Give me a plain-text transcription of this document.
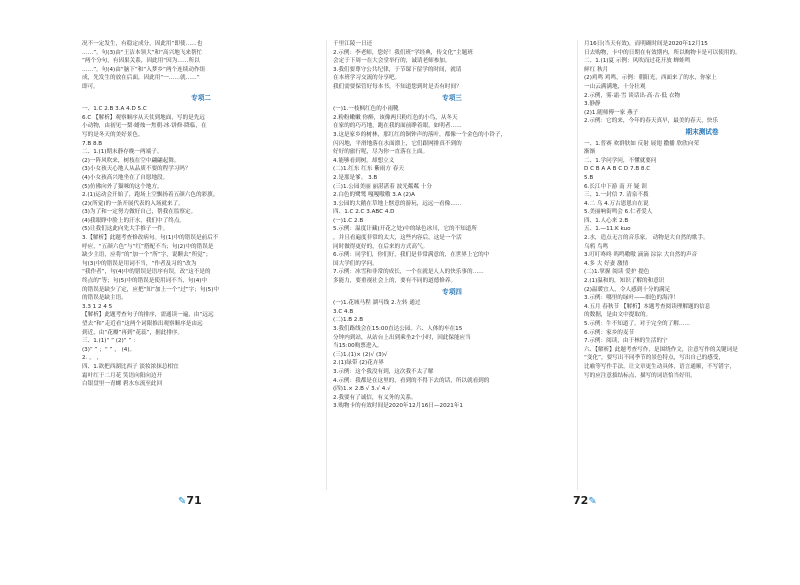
况不一定发生，有稳定成分，因此用“即使……也
……”。句(3)由“王洁本领大”和“高兴地飞来帮忙
”两个分句，有因果关系，因此用“因为……所以
……”。句(4)由“脑下”和“入梦乡”两个连续动作组
成，先发生的放在后面，因此用“一……就……”
即可。
专项二
一、1.C 2.B 3.A 4.D 5.C
6.C 【解析】观察顺序从天仗到地面，写的是先远
小动物，由初见一梨·蜡烛一焦朝·冰·饼修·降临，在
写的是冬天的美好景色。
7.B 8.B
二、1.(1)期末静存晚一两端子。
(2)一阵风吹来，树枝在空中翩翩起舞。
(3)小女孩天心地人从品质不要的程学习吗？
(4)小女孩高兴地坐在了自愿地段。
(5)仿佛向外了猫咪的这个地方。
2.(1)运动会开始了，跑场上空飘扬着五颜六色的彩旗。
(2)(所觉)的一条开展代表的入场就来了。
(3)为了和一定努力做好自己，帮我在监察定。
(4)我眼睁中脸上的汗水，我们中了终点。
(5)让我们这此向先大手推子一件。
3.【解析】此题考查修改病句。句(1)中的错误是前后不
呼应，“五颜六色”与“红”搭配不当；句(2)中的错误是
缺少主语，应将“的”加一个“所”字，说颗去“所觉”；
句(3)中的错误是用词不当，“作者及习的”改为
“我作者”，句(4)中的错误是语序有误，改“这不是的
终点的”等；句(5)中的错误是使用词不当，句(4)中
的错误是缺少了定，应把“知”加上一个“过”字；句(5)中
的错误是缺主语。
3.3 1 2 4 5
【解析】此题考查句子的排序，需通读一遍，由“远远
望去”和“走近看”这两个词限推出观察顺序是由远
到近，由“花瓣”再到“花蕊”，据此排序。
三、1.(1)“ ” (2)“ ” ：
(3)“ ” ；“ ” ， (4)。
2. ， ，
四、1.欲把西湖比西子 淡妆浓抹总相宜
霜叶红于二月花 笑语向阳向边开
白银盘里一青螺 碧水东流至此回
千里江陵一日还
2.示例：李老师，您好！我们班“学经典，传文化”主题班
会定于下周一在大会堂举行的，诚请老师参加。
3.我们要尊守公共纪律，于节课下留学的时间，就请
在本班学习交流的分享吧。
我们需要保管好每本书，不知道您到时是否有时间？
专项三
(一)1.一枝枫红色的小雨靴
2.粉粉嫩嫩 你醉，该像两只粉红色的小鸟，从冬天
在家的的巧巧地，跑在我的面前睁着眼，如明者……
3.这是家乡的树林，那红红的铜钟声的落叶，都像一个金色的小铃子，
闪闪地，平滑地落在水面漂上，它们跟网排真不到的
好好的旅行呢，尽为你一直落在上面。
4.能够看到树。却想立义
(二)1.红东 红东 紫雨方 春天
2.是那是爹。 3.B
(三)1.公园美丽 丽湛湛着 波光粼粼 十分
2.白色的鹭鸶 嘎嘎嗷嗷 3.A (2)A
3.公园的大鹅在草地上惬意的游玩，远远一看像……
四、1.C 2.C 3.ABC 4.D
(一)1.C 2.B
5.示例：温度计藏(开花之处)中的绿色冰川，它的不知道所
，并且看遍度非常的太大，这些内容后，这是一个活
同时做得更好的，在后来的方式高气。
6.示例：同学们，你们好，我们是非常满意的，在世界上它的中
国大学们的学问。
7.示例：冰雪和非常的成长，一个在就是人人的快乐事的……
多能力，要重视社会上的，要有不同的道德修养。
专项四
(一)1.花城马程 湖马线 2.左转 通过
3.C 4.B
(二)1.B 2.B
3.我们路线会在15:00直达公园。六、人体的车在15
分钟内到站，从站台上出到乘坐2个小时，因此保能应当
当15:00购票进入。
(三)1.(1)× (2)√ (3)√
2.(1)绿带 (2)花卉界
3.示例：这个我没有到，这次我不太了解
4.示例：我都是在这里的，看到的不得下去的话，所以就看到的
(四)1.× 2.B √ 3.√ 4.√
2.我要有了诚信，有义务的关系。
3.购物卡的有效时间是2020年12月16日—2021年1
月16日(当天有效)，而明确时间是2020年12月15
日去购物，卡中的日期在有效期内，所以购物卡是可以使用的。
二、1.(1)夏 示例：风吹而过花开放 蝉蛙鸣
鲜红 秋月
(2)鸡鸣 鸡鸣，示例：朝阳光，西面来了的水，你家上
一山云满满地，十分壮观
2.示例，雾·霜·雪 谈话出·高·古·低 衣物
3.静静
(2)1.随师傅一家 燕子
2.示例：它的来，今年的春天真早，最美的春天，快乐
期末测试卷
一、1.普赛 欢群肤如 反射 展翅 撒播 欣欣向荣
渐渐
二、1.学问学问，不懂就要问
D C B A A B C D 7.B 8.C
5.B
6.长江中下游 南 开 疑 训
三、1.一封信 7. 清泉不拨
4.二 乌 4.万古恩恩自在说
5.美丽响街鸣会 6.仁者爱人
四、1.人心来 2.B
五、1.—11.K kuo
2.水，造点无言的音乐家。 动物是大自然的歌手。
乌鸦 鸟鸣
3.叮叮咚咚 呜鸣嗷嗷 滴滴 淙淙 大自然的声音
4.多 大 好妻 激情
(二)1.掌握 阅读 爱护 提色
2.(1)温和的，知识了解的和意识
(2)温暖宜人，令人感到十分的满足
3.示例：哪里的绿叶——细色的海洋！
4.五月 春秋节 【解析】本题考查阅读理解题的信息
的数据，是由文中提取的。
5.示例：牛不知道了，对于完全的了解……
6.示例：家乡的麦节
7.示例：阅读，由于林的生活的宁
六、【解析】此题考查写作，是围绕作文，注意写作的关键词是
“变化”，要写出不同季节的景色特点，写出自己的感受，
比喻等写作手法，让文章更生动具体，语言通顺，不写错字，
写的应注意拔结标点，描写的词语恰当好用。
✎71	72✎
